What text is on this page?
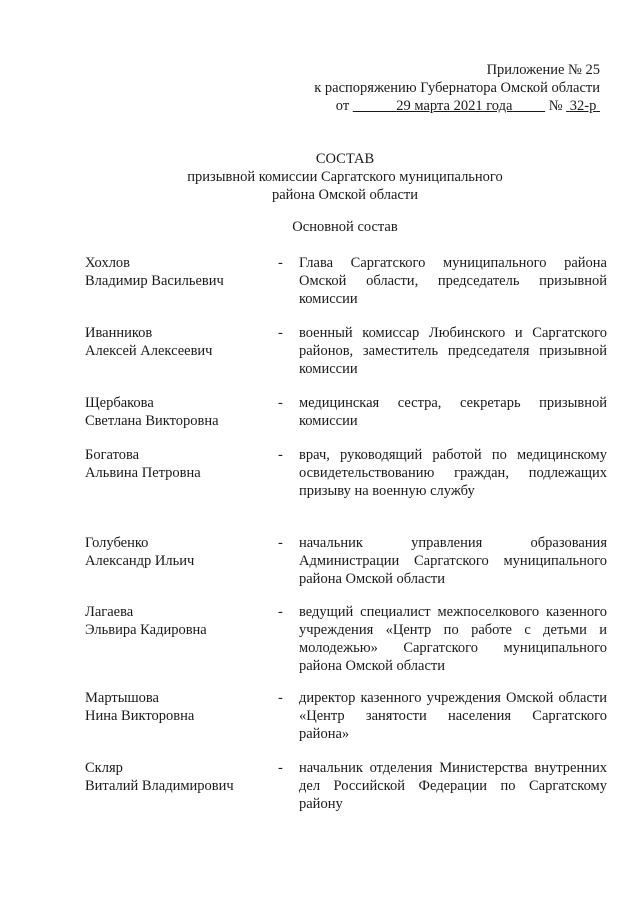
Приложение № 25
к распоряжению Губернатора Омской области
от	29 марта 2021 года	№ 32-р
СОСТАВ
призывной комиссии Саргатского муниципального
района Омской области
Основной состав
Хохлов
Владимир Васильевич
- Глава Саргатского муниципального района Омской области, председатель призывной комиссии
Иванников
Алексей Алексеевич
- военный комиссар Любинского и Саргатского районов, заместитель председателя призывной комиссии
Щербакова
Светлана Викторовна
- медицинская сестра, секретарь призывной комиссии
Богатова
Альвина Петровна
- врач, руководящий работой по медицинскому освидетельствованию граждан, подлежащих призыву на военную службу
Голубенко
Александр Ильич
- начальник управления образования Администрации Саргатского муниципального района Омской области
Лагаева
Эльвира Кадировна
- ведущий специалист межпоселкового казенного учреждения «Центр по работе с детьми и молодежью» Саргатского муниципального района Омской области
Мартышова
Нина Викторовна
- директор казенного учреждения Омской области «Центр занятости населения Саргатского района»
Скляр
Виталий Владимирович
- начальник отделения Министерства внутренних дел Российской Федерации по Саргатскому району
